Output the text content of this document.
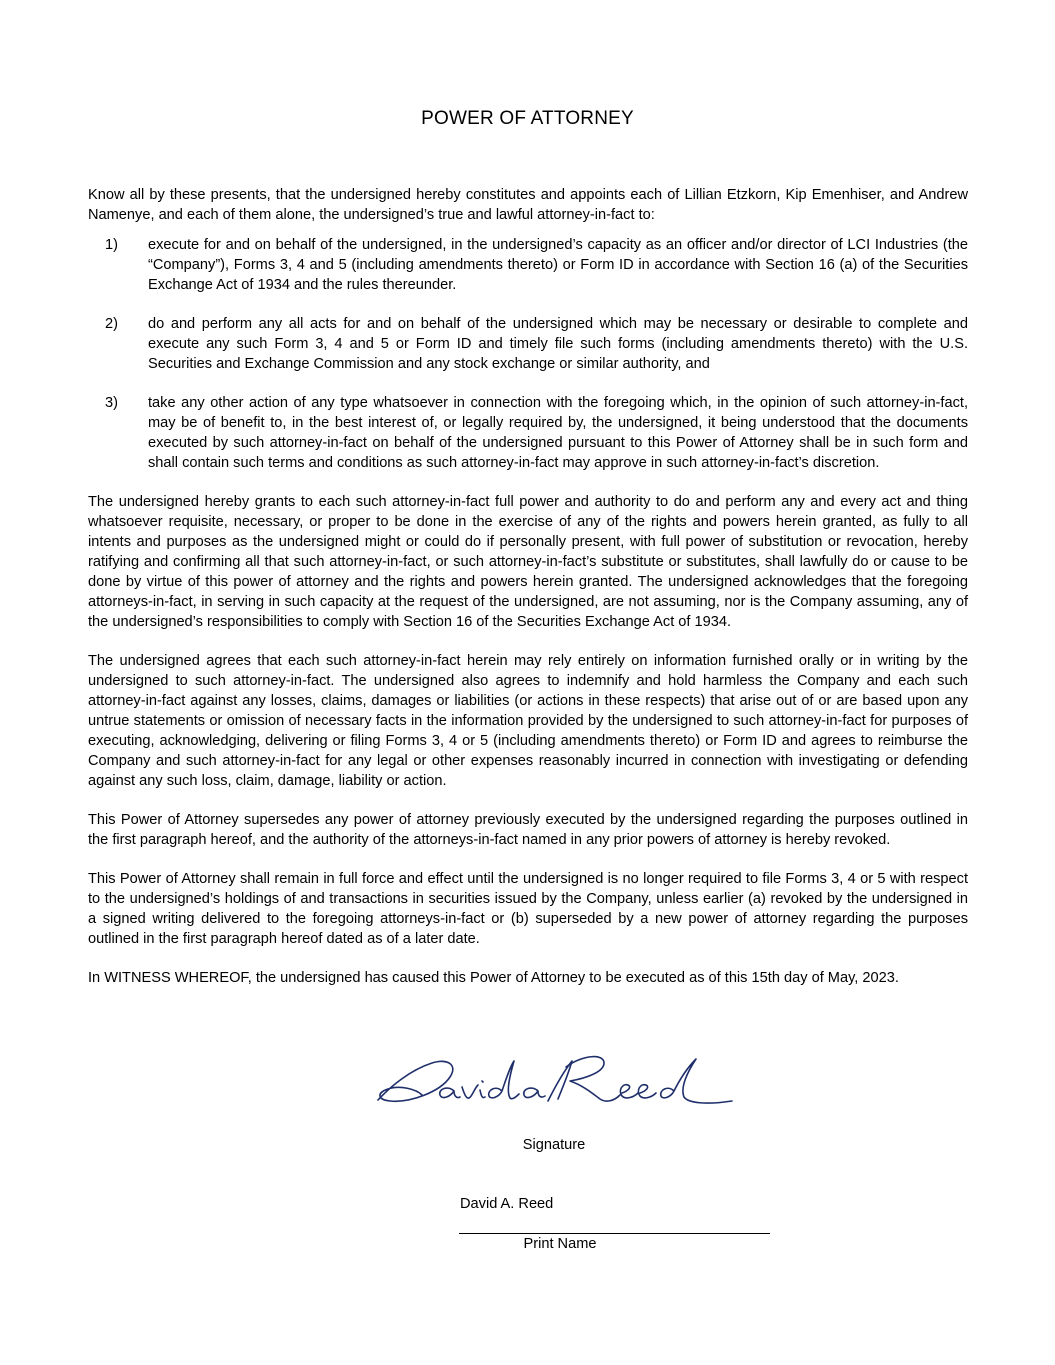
POWER OF ATTORNEY

Know all by these presents, that the undersigned hereby constitutes and appoints each of Lillian Etzkorn, Kip Emenhiser, and Andrew Namenye, and each of them alone, the undersigned’s true and lawful attorney-in-fact to:

1)	execute for and on behalf of the undersigned, in the undersigned’s capacity as an officer and/or director of LCI Industries (the “Company”), Forms 3, 4 and 5 (including amendments thereto) or Form ID in accordance with Section 16 (a) of the Securities Exchange Act of 1934 and the rules thereunder.
2)	do and perform any all acts for and on behalf of the undersigned which may be necessary or desirable to complete and execute any such Form 3, 4 and 5 or Form ID and timely file such forms (including amendments thereto) with the U.S. Securities and Exchange Commission and any stock exchange or similar authority, and
3)	take any other action of any type whatsoever in connection with the foregoing which, in the opinion of such attorney-in-fact, may be of benefit to, in the best interest of, or legally required by, the undersigned, it being understood that the documents executed by such attorney-in-fact on behalf of the undersigned pursuant to this Power of Attorney shall be in such form and shall contain such terms and conditions as such attorney-in-fact may approve in such attorney-in-fact’s discretion.

The undersigned hereby grants to each such attorney-in-fact full power and authority to do and perform any and every act and thing whatsoever requisite, necessary, or proper to be done in the exercise of any of the rights and powers herein granted, as fully to all intents and purposes as the undersigned might or could do if personally present, with full power of substitution or revocation, hereby ratifying and confirming all that such attorney-in-fact, or such attorney-in-fact’s substitute or substitutes, shall lawfully do or cause to be done by virtue of this power of attorney and the rights and powers herein granted. The undersigned acknowledges that the foregoing attorneys-in-fact, in serving in such capacity at the request of the undersigned, are not assuming, nor is the Company assuming, any of the undersigned’s responsibilities to comply with Section 16 of the Securities Exchange Act of 1934.

The undersigned agrees that each such attorney-in-fact herein may rely entirely on information furnished orally or in writing by the undersigned to such attorney-in-fact. The undersigned also agrees to indemnify and hold harmless the Company and each such attorney-in-fact against any losses, claims, damages or liabilities (or actions in these respects) that arise out of or are based upon any untrue statements or omission of necessary facts in the information provided by the undersigned to such attorney-in-fact for purposes of executing, acknowledging, delivering or filing Forms 3, 4 or 5 (including amendments thereto) or Form ID and agrees to reimburse the Company and such attorney-in-fact for any legal or other expenses reasonably incurred in connection with investigating or defending against any such loss, claim, damage, liability or action.

This Power of Attorney supersedes any power of attorney previously executed by the undersigned regarding the purposes outlined in the first paragraph hereof, and the authority of the attorneys-in-fact named in any prior powers of attorney is hereby revoked.

This Power of Attorney shall remain in full force and effect until the undersigned is no longer required to file Forms 3, 4 or 5 with respect to the undersigned’s holdings of and transactions in securities issued by the Company, unless earlier (a) revoked by the undersigned in a signed writing delivered to the foregoing attorneys-in-fact or (b) superseded by a new power of attorney regarding the purposes outlined in the first paragraph hereof dated as of a later date.

In WITNESS WHEREOF, the undersigned has caused this Power of Attorney to be executed as of this 15th day of May, 2023.

Signature
David A. Reed
Print Name
